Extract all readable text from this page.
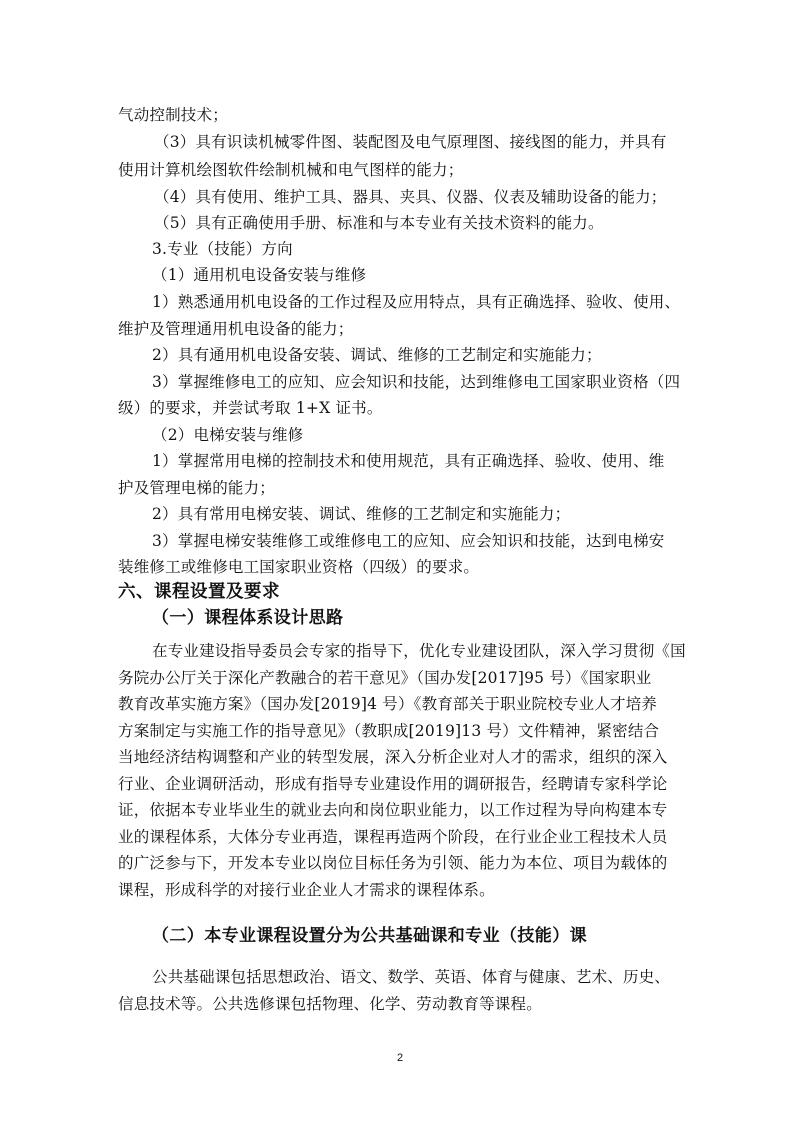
气动控制技术；
（3）具有识读机械零件图、装配图及电气原理图、接线图的能力，并具有
使用计算机绘图软件绘制机械和电气图样的能力；
（4）具有使用、维护工具、器具、夹具、仪器、仪表及辅助设备的能力；
（5）具有正确使用手册、标准和与本专业有关技术资料的能力。
3.专业（技能）方向
（1）通用机电设备安装与维修
1）熟悉通用机电设备的工作过程及应用特点，具有正确选择、验收、使用、
维护及管理通用机电设备的能力；
2）具有通用机电设备安装、调试、维修的工艺制定和实施能力；
3）掌握维修电工的应知、应会知识和技能，达到维修电工国家职业资格（四
级）的要求，并尝试考取 1+X 证书。
（2）电梯安装与维修
1）掌握常用电梯的控制技术和使用规范，具有正确选择、验收、使用、维
护及管理电梯的能力；
2）具有常用电梯安装、调试、维修的工艺制定和实施能力；
3）掌握电梯安装维修工或维修电工的应知、应会知识和技能，达到电梯安
装维修工或维修电工国家职业资格（四级）的要求。
六、课程设置及要求
（一）课程体系设计思路
在专业建设指导委员会专家的指导下，优化专业建设团队，深入学习贯彻《国
务院办公厅关于深化产教融合的若干意见》（国办发[2017]95 号）《国家职业
教育改革实施方案》（国办发[2019]4 号）《教育部关于职业院校专业人才培养
方案制定与实施工作的指导意见》（教职成[2019]13 号）文件精神，紧密结合
当地经济结构调整和产业的转型发展，深入分析企业对人才的需求，组织的深入
行业、企业调研活动，形成有指导专业建设作用的调研报告，经聘请专家科学论
证，依据本专业毕业生的就业去向和岗位职业能力，以工作过程为导向构建本专
业的课程体系，大体分专业再造，课程再造两个阶段，在行业企业工程技术人员
的广泛参与下，开发本专业以岗位目标任务为引领、能力为本位、项目为载体的
课程，形成科学的对接行业企业人才需求的课程体系。
（二）本专业课程设置分为公共基础课和专业（技能）课
公共基础课包括思想政治、语文、数学、英语、体育与健康、艺术、历史、
信息技术等。公共选修课包括物理、化学、劳动教育等课程。
2
